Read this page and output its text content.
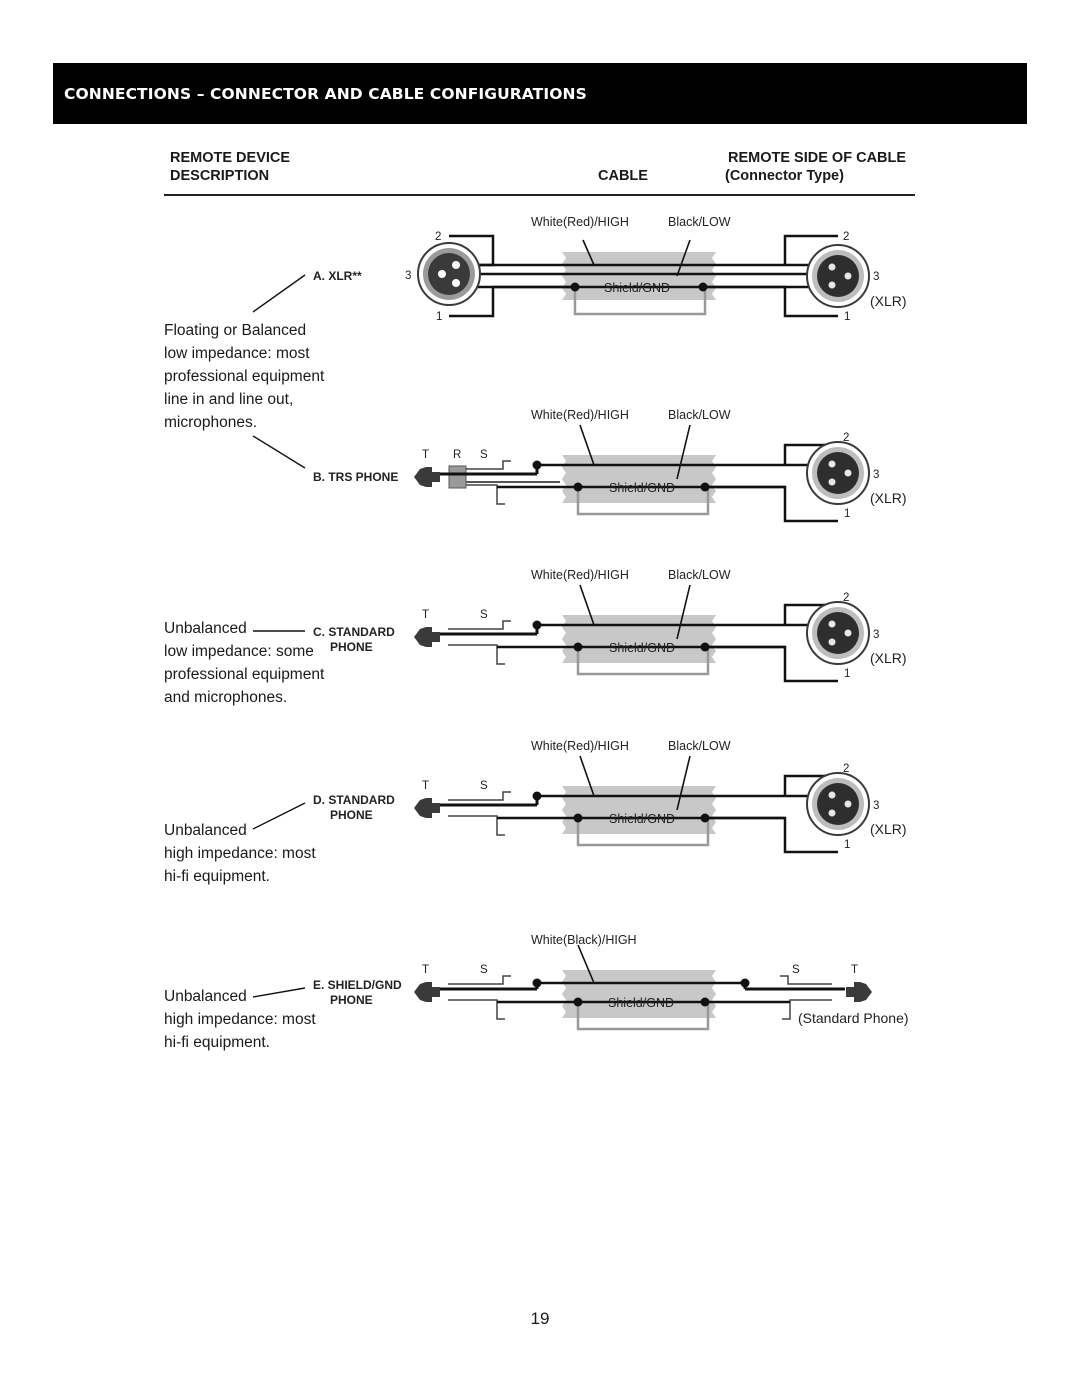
CONNECTIONS – CONNECTOR AND CABLE CONFIGURATIONS
REMOTE DEVICE
DESCRIPTION	CABLE
REMOTE SIDE OF CABLE
(Connector Type)
Floating or Balanced
low impedance: most
professional equipment
line in and line out,
microphones.
Unbalanced
low impedance: some
professional equipment
and microphones.
Unbalanced
high impedance: most
hi-fi equipment.
Unbalanced
high impedance: most
hi-fi equipment.
White(Red)/HIGH	Black/LOW
Shield/GND
A. XLR**
2
3
1
2
3
1
(XLR)
White(Red)/HIGH	Black/LOW
Shield/GND
2
3
1
(XLR)
T R S
B. TRS PHONE
White(Red)/HIGH	Black/LOW
Shield/GND
2
3
1
(XLR)
T	S
C. STANDARD
PHONE
White(Red)/HIGH	Black/LOW
Shield/GND
2
3
1
(XLR)
T	S
D. STANDARD
PHONE
White(Black)/HIGH
Shield/GND
T	S	S	T
(Standard Phone)
E. SHIELD/GND
PHONE
19
